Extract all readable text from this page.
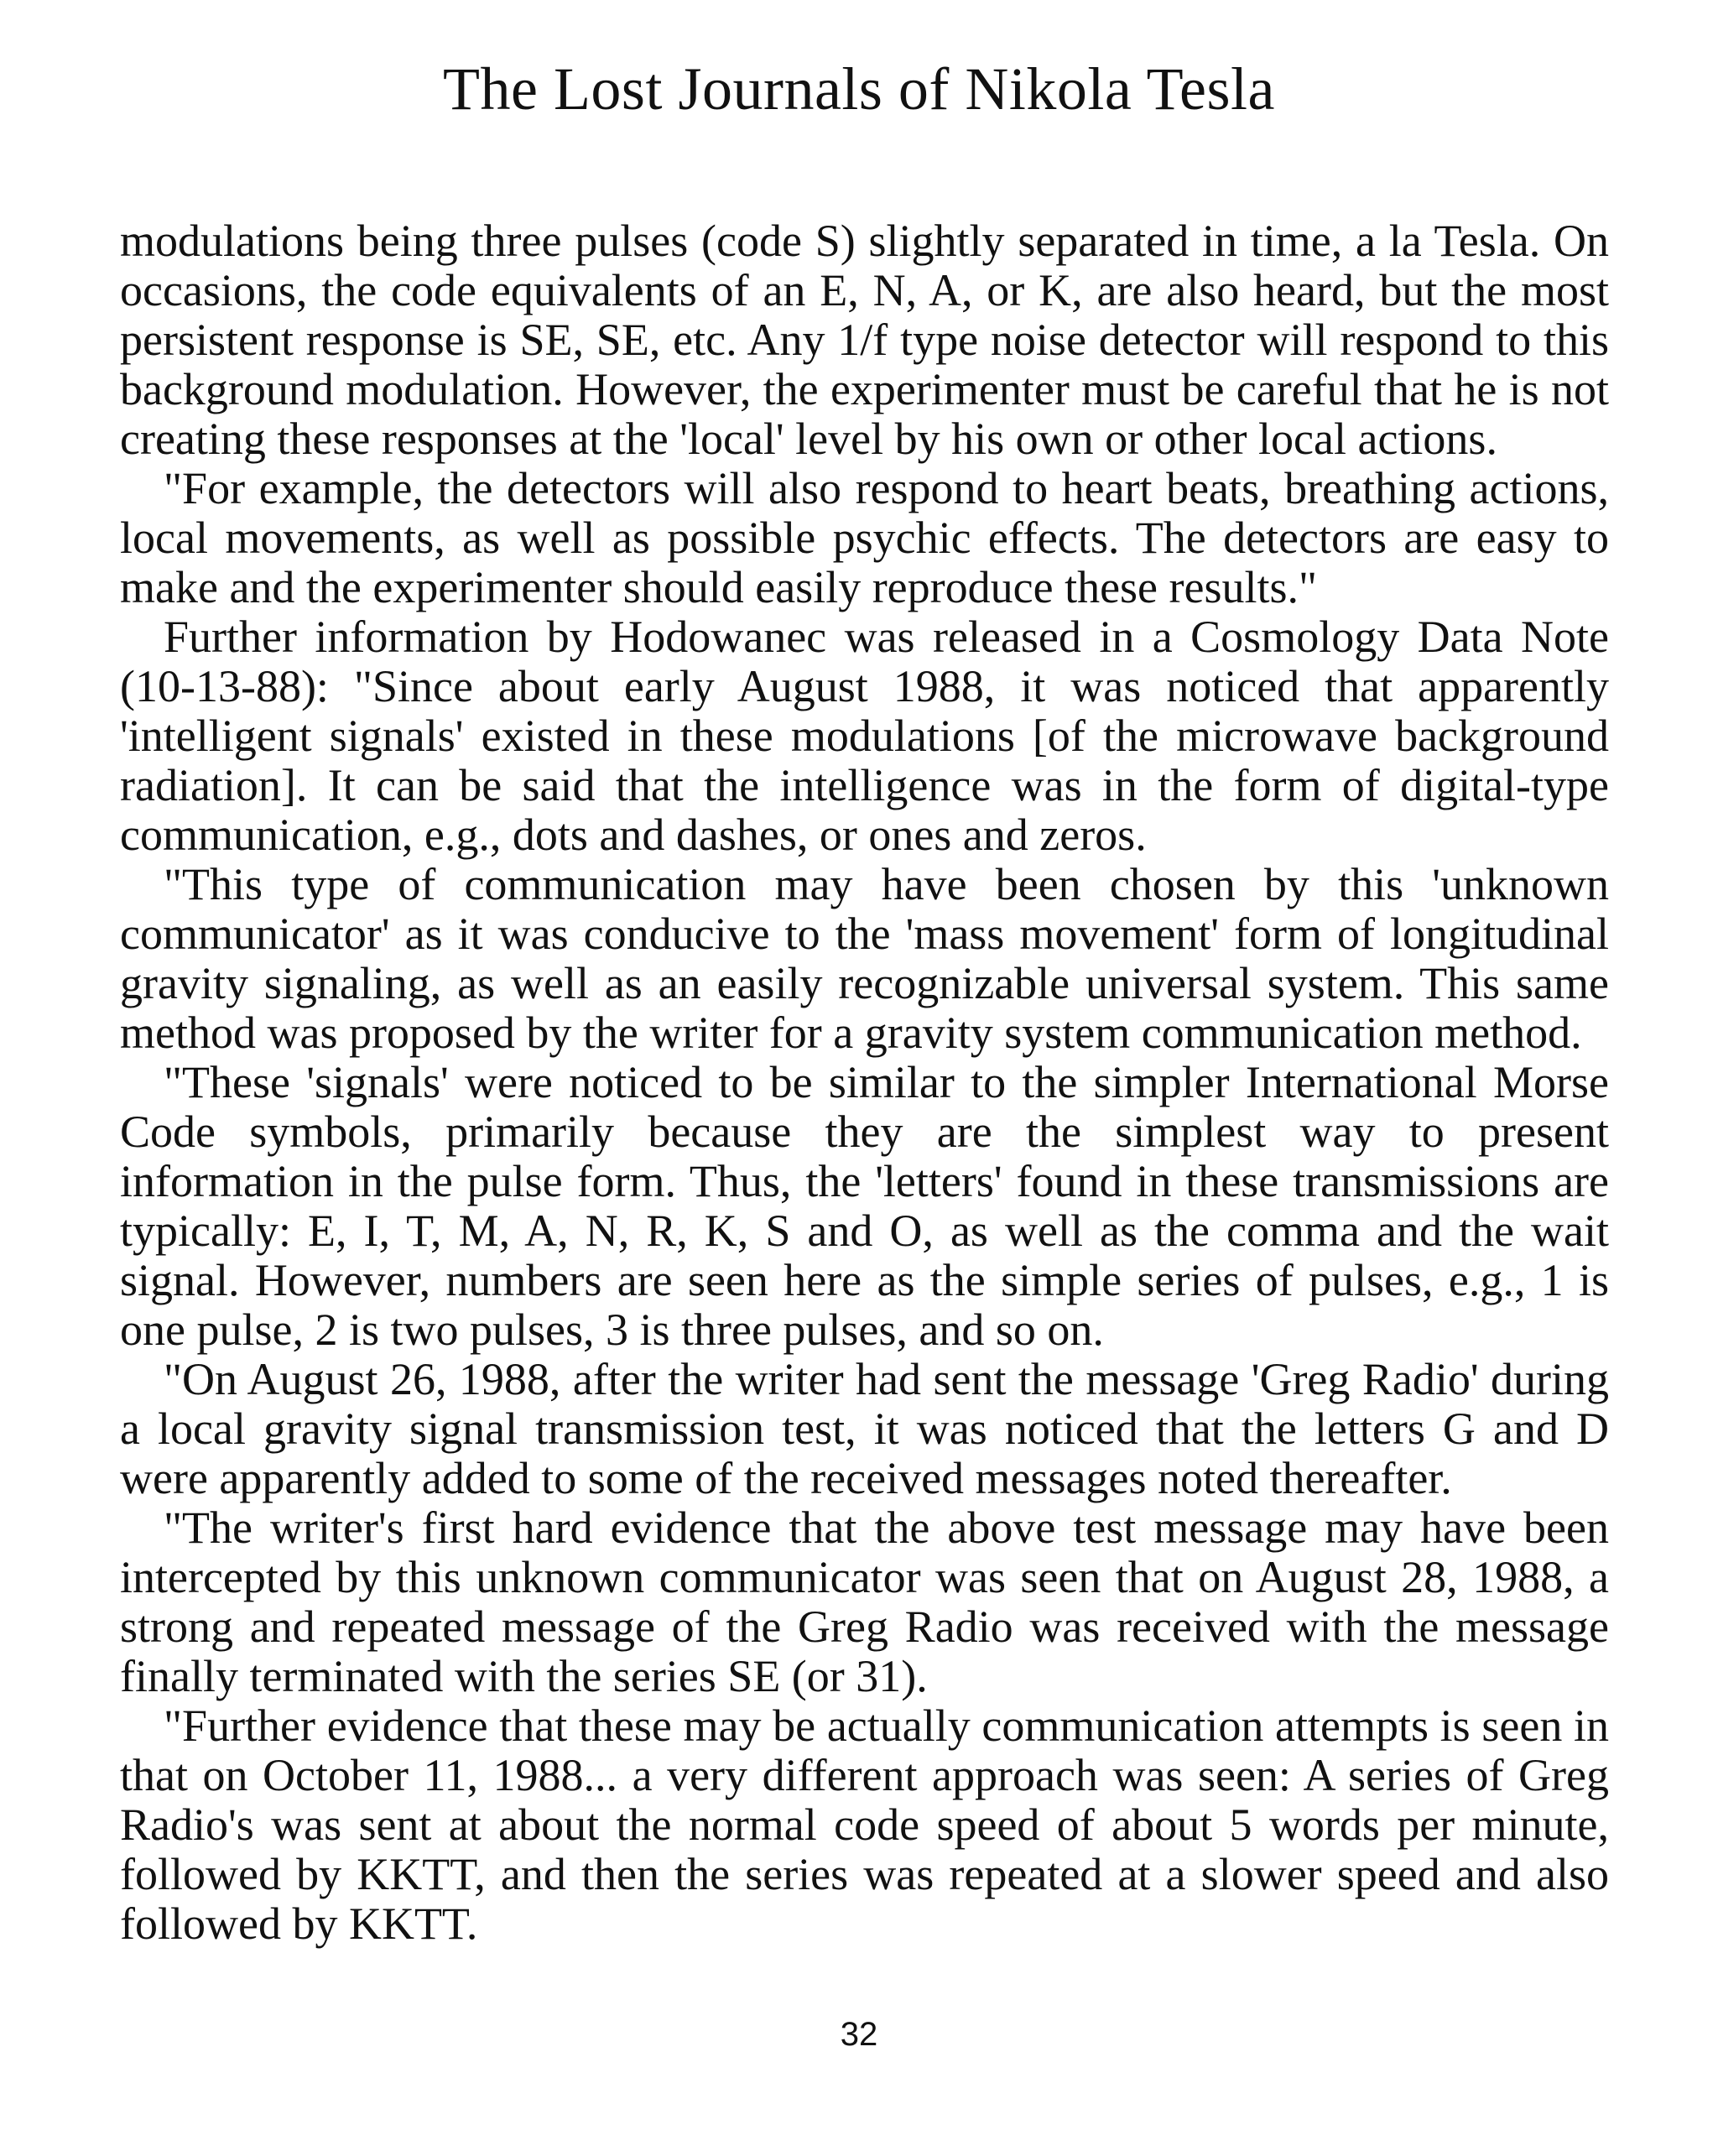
The Lost Journals of Nikola Tesla

modulations being three pulses (code S) slightly separated in time, a la Tesla. On occasions, the code equivalents of an E, N, A, or K, are also heard, but the most persistent response is SE, SE, etc. Any 1/f type noise detector will respond to this background modulation. However, the experimenter must be careful that he is not creating these responses at the 'local' level by his own or other local actions.

"For example, the detectors will also respond to heart beats, breathing actions, local movements, as well as possible psychic effects. The detectors are easy to make and the experimenter should easily reproduce these results."

Further information by Hodowanec was released in a Cosmology Data Note (10-13-88): "Since about early August 1988, it was noticed that apparently 'intelligent signals' existed in these modulations [of the microwave background radiation]. It can be said that the intelligence was in the form of digital-type communication, e.g., dots and dashes, or ones and zeros.

"This type of communication may have been chosen by this 'unknown communicator' as it was conducive to the 'mass movement' form of longitudinal gravity signaling, as well as an easily recognizable universal system. This same method was proposed by the writer for a gravity system communication method.

"These 'signals' were noticed to be similar to the simpler International Morse Code symbols, primarily because they are the simplest way to present information in the pulse form. Thus, the 'letters' found in these transmissions are typically: E, I, T, M, A, N, R, K, S and O, as well as the comma and the wait signal. However, numbers are seen here as the simple series of pulses, e.g., 1 is one pulse, 2 is two pulses, 3 is three pulses, and so on.

"On August 26, 1988, after the writer had sent the message 'Greg Radio' during a local gravity signal transmission test, it was noticed that the letters G and D were apparently added to some of the received messages noted thereafter.

"The writer's first hard evidence that the above test message may have been intercepted by this unknown communicator was seen that on August 28, 1988, a strong and repeated message of the Greg Radio was received with the message finally terminated with the series SE (or 31).

"Further evidence that these may be actually communication attempts is seen in that on October 11, 1988... a very different approach was seen: A series of Greg Radio's was sent at about the normal code speed of about 5 words per minute, followed by KKTT, and then the series was repeated at a slower speed and also followed by KKTT.

32
